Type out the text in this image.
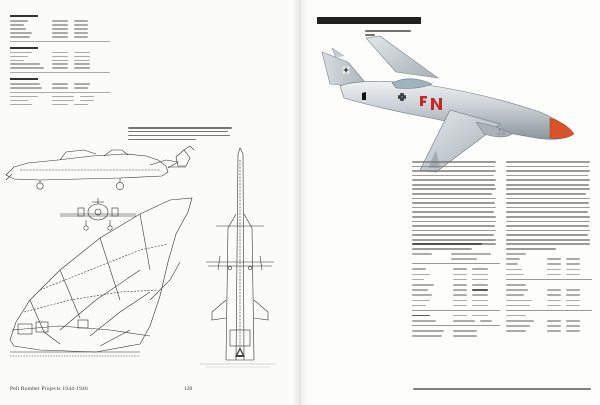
Pelt Bomber Projects 1944-1946	120
12
